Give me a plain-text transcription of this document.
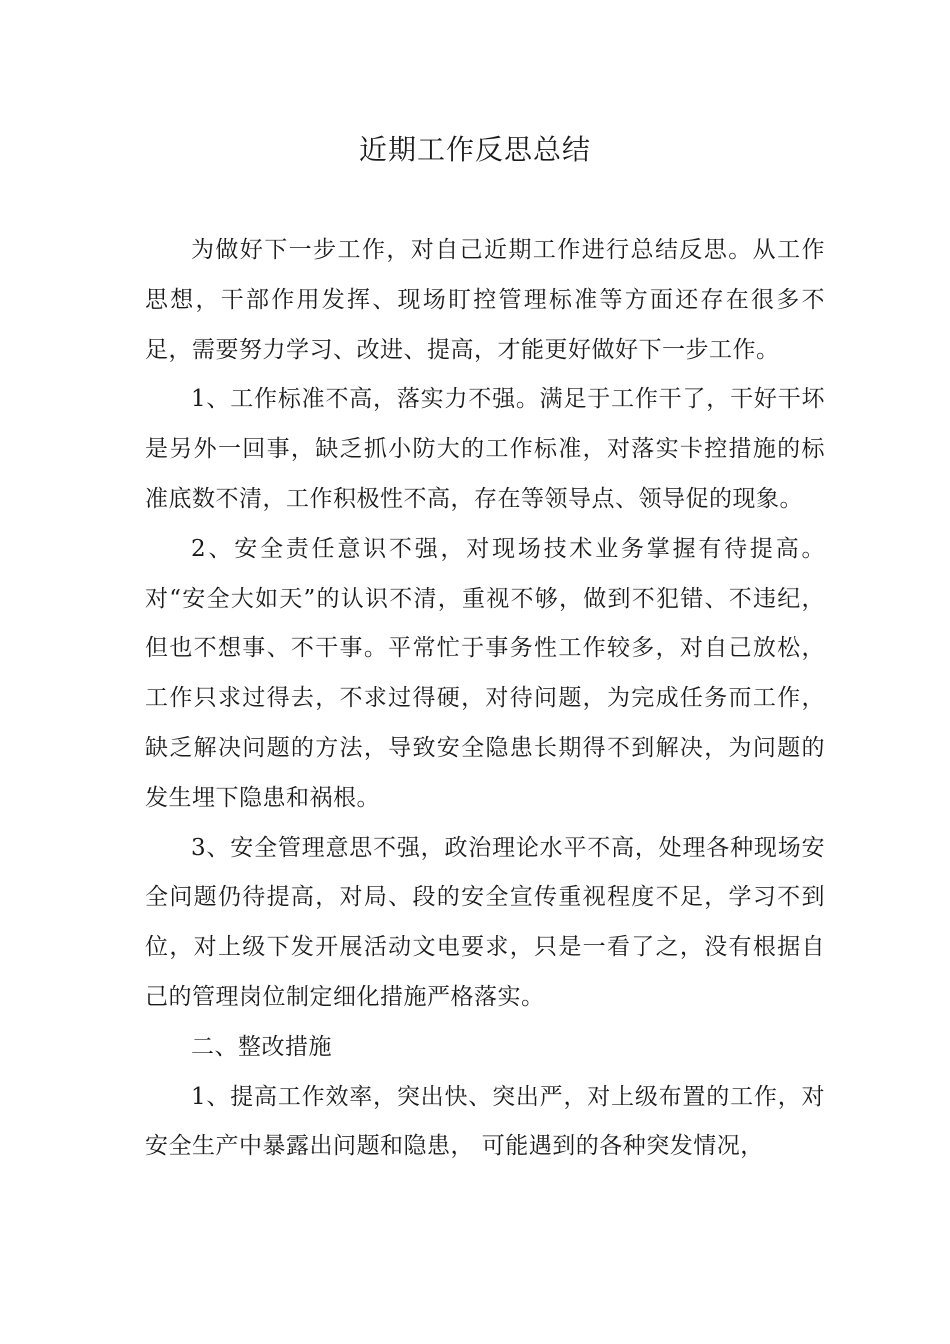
近期工作反思总结

为做好下一步工作，对自己近期工作进行总结反思。从工作思想，干部作用发挥、现场盯控管理标准等方面还存在很多不足，需要努力学习、改进、提高，才能更好做好下一步工作。

1、工作标准不高，落实力不强。满足于工作干了，干好干坏是另外一回事，缺乏抓小防大的工作标准，对落实卡控措施的标准底数不清，工作积极性不高，存在等领导点、领导促的现象。

2、安全责任意识不强，对现场技术业务掌握有待提高。对“安全大如天”的认识不清，重视不够，做到不犯错、不违纪，但也不想事、不干事。平常忙于事务性工作较多，对自己放松，工作只求过得去，不求过得硬，对待问题，为完成任务而工作，缺乏解决问题的方法，导致安全隐患长期得不到解决，为问题的发生埋下隐患和祸根。

3、安全管理意思不强，政治理论水平不高，处理各种现场安全问题仍待提高，对局、段的安全宣传重视程度不足，学习不到位，对上级下发开展活动文电要求，只是一看了之，没有根据自己的管理岗位制定细化措施严格落实。

二、整改措施

1、提高工作效率，突出快、突出严，对上级布置的工作，对安全生产中暴露出问题和隐患， 可能遇到的各种突发情况，
